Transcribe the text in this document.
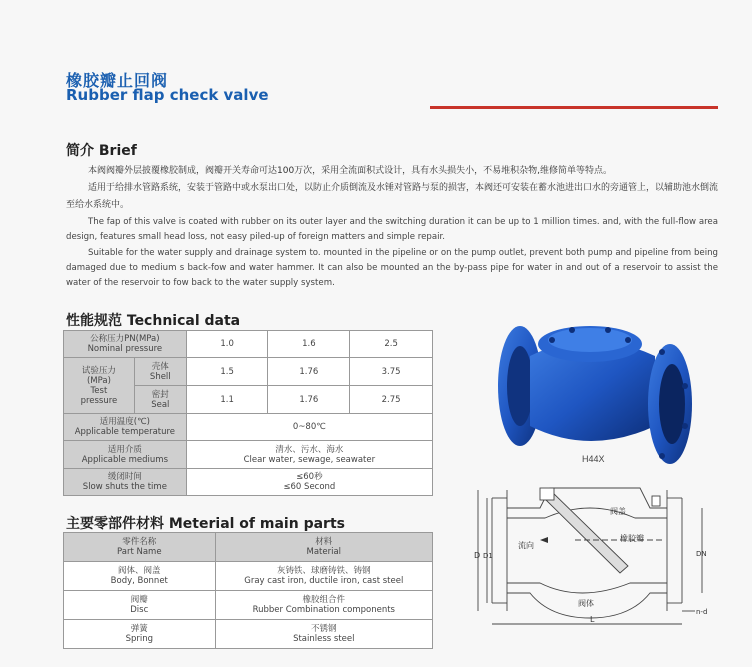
橡胶瓣止回阀
Rubber flap check valve
简介 Brief
本阀阀瓣外层披覆橡胶制成，阀瓣开关寿命可达100万次，采用全流面积式设计，具有水头损失小，不易堆积杂物,维修简单等特点。
适用于给排水管路系统，安装于管路中或水泵出口处，以防止介质倒流及水锤对管路与泵的损害，本阀还可安装在蓄水池进出口水的旁通管上，以辅助池水倒流至给水系统中。
The fap of this valve is coated with rubber on its outer layer and the switching duration it can be up to 1 million times. and, with the full-flow area design, features small head loss, not easy piled-up of foreign matters and simple repair.
Suitable for the water supply and drainage system to. mounted in the pipeline or on the pump outlet, prevent both pump and pipeline from being damaged due to medium s back-fow and water hammer. It can also be mounted an the by-pass pipe for water in and out of a reservoir to assist the water of the reservoir to fow back to the water supply system.
性能规范 Technical data
公称压力PN(MPa)
Nominal pressure		1.0	1.6	2.5
试验压力
(MPa)
Test
pressure	壳体
Shell	1.5	1.76	3.75
	密封
Seal	1.1	1.76	2.75
适用温度(℃)
Applicable temperature		0~80℃		
适用介质
Applicable mediums		清水、污水、海水
Clear water, sewage, seawater		
缓闭时间
Slow shuts the time		≤60秒
≤60 Second		
主要零部件材料 Meterial of main parts
零件名称
Part Name	材料
Material
阀体、阀盖
Body, Bonnet	灰铸铁、球磨铸铁、铸钢
Gray cast iron, ductile iron, cast steel
阀瓣
Disc	橡胶组合件
Rubber Combination components
弹簧
Spring	不锈钢
Stainless steel
H44X
阀盖
橡胶瓣
流向
阀体
D D1	DN
n-d
L
